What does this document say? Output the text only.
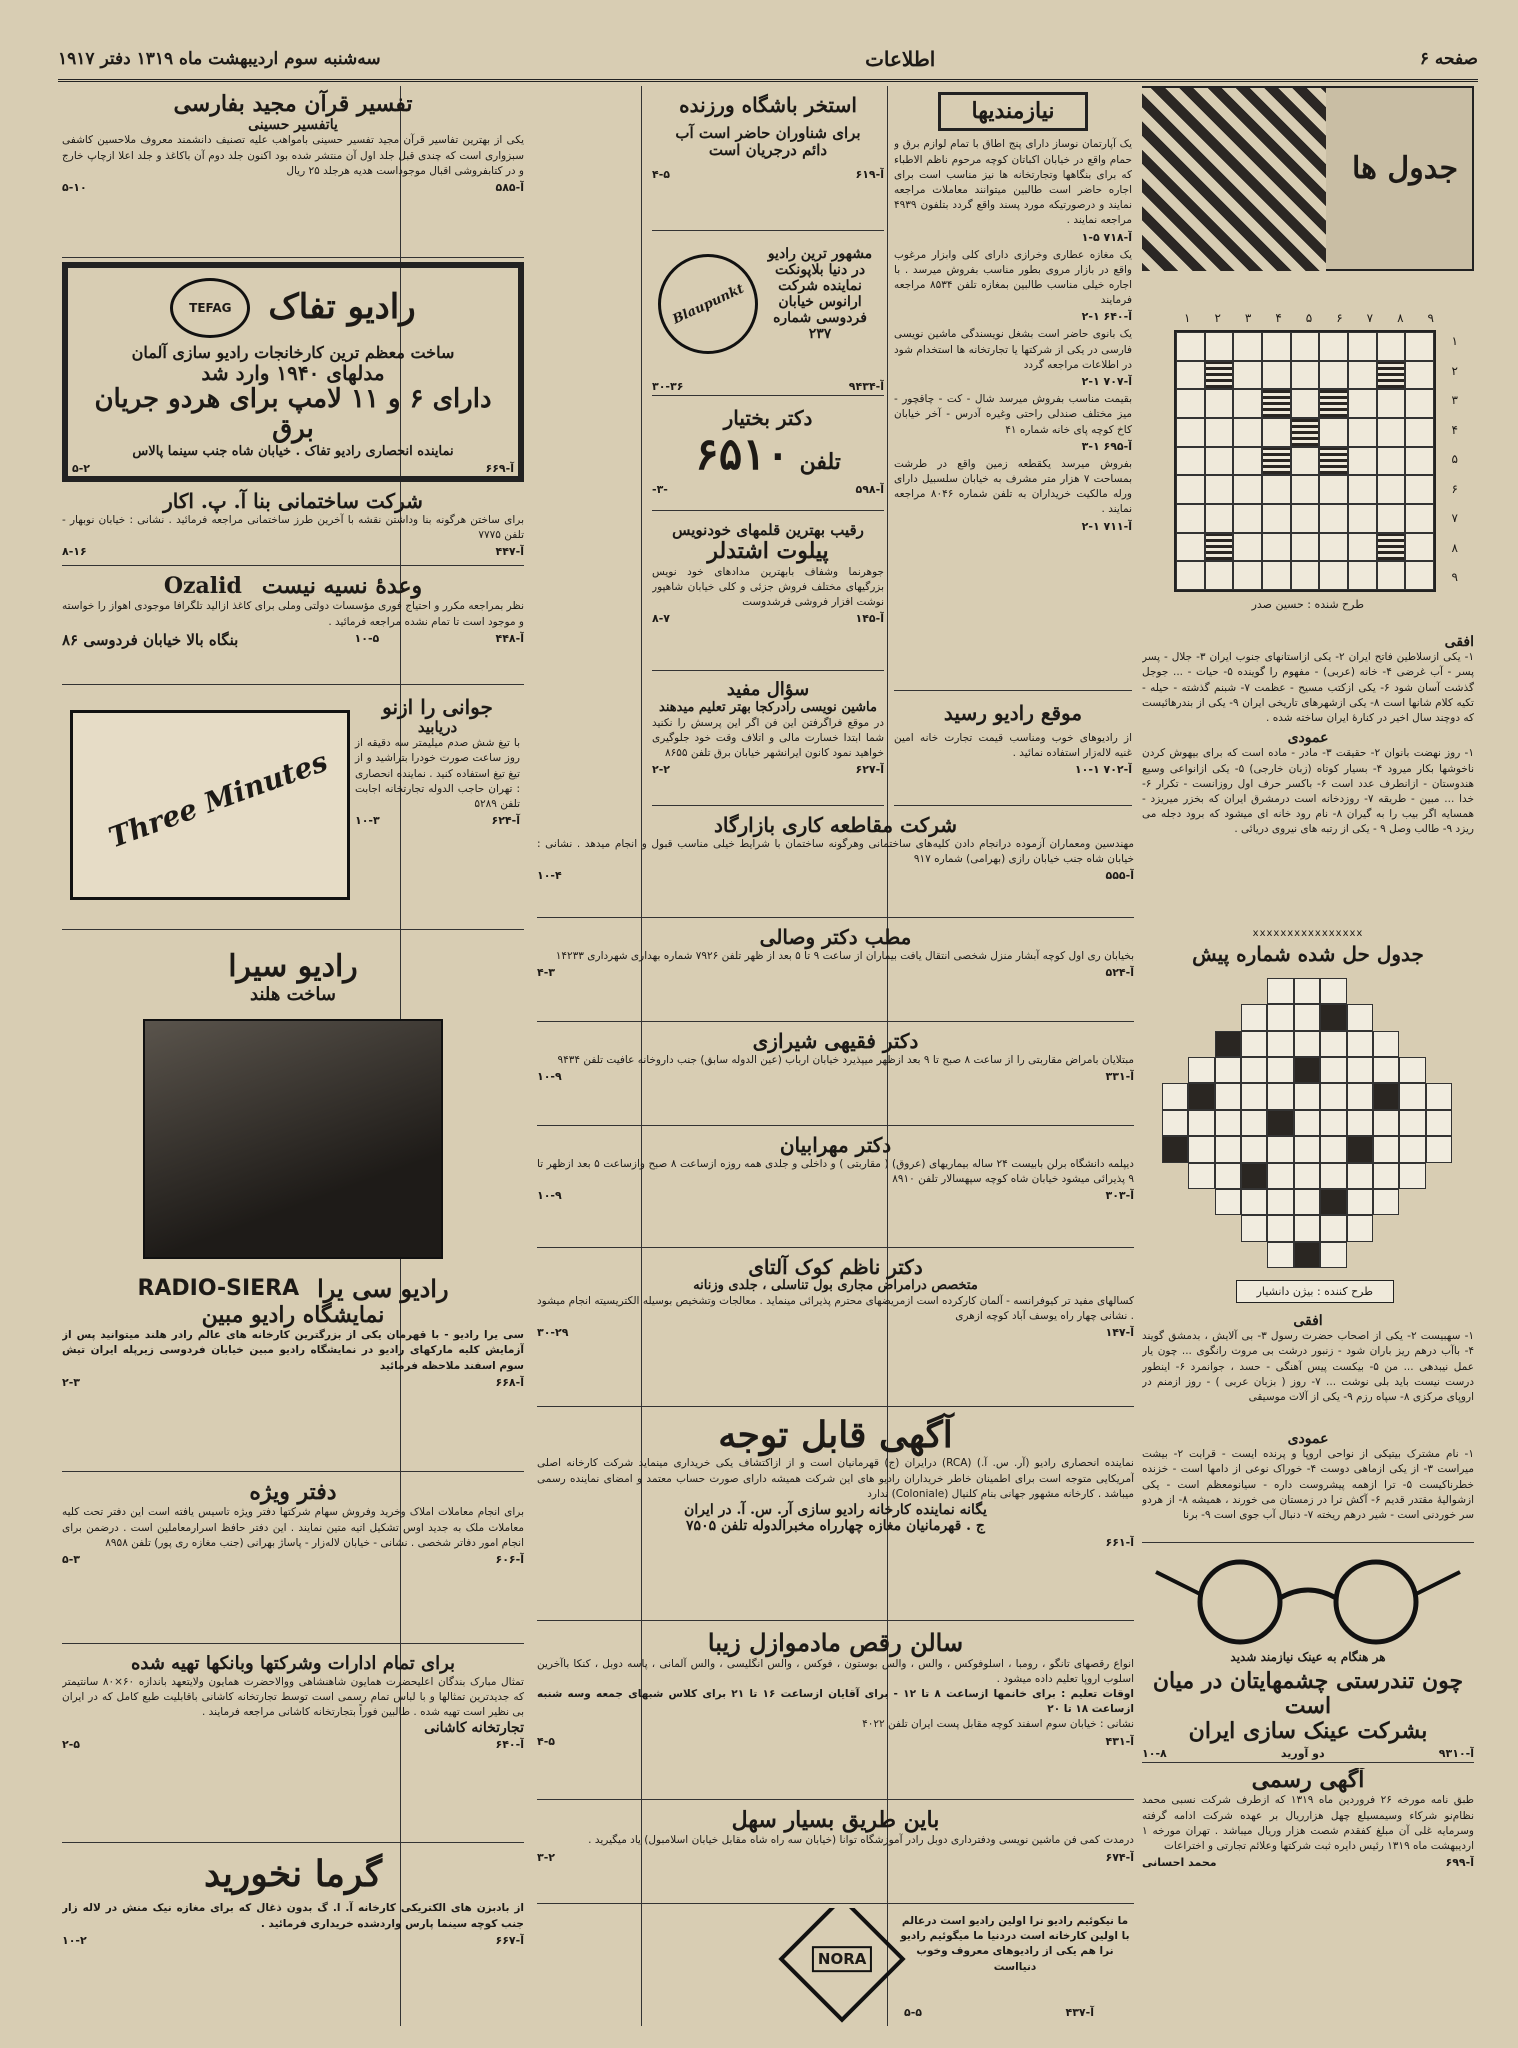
صفحه ۶
اطلاعات
سه‌شنبه سوم اردیبهشت ماه ۱۳۱۹ دفتر ۱۹۱۷
جدول ها
۹
۸
۷
۶
۵
۴
۳
۲
۱
۱
۲
۳
۴
۵
۶
۷
۸
۹
طرح شنده : حسین صدر
افقی
۱- یکی ازسلاطین فاتح ایران ۲- یکی ازاستانهای جنوب ایران ۳- جلال - پسر پسر - آب غرضی ۴- خانه (عربی) - مفهوم را گوینده ۵- حیات - ... جوجل گذشت آسان شود ۶- یکی ازکتب مسیح - عظمت ۷- شبنم گذشته - حیله - تکیه کلام شانها است ۸- یکی ازشهرهای تاریخی ایران ۹- یکی از بندرهائیست که دوچند سال اخیر در کنارهٔ ایران ساخته شده .
عمودی
۱- روز نهضت بانوان ۲- حقیقت ۳- مادر - ماده است که برای بیهوش کردن ناخوشها بکار میرود ۴- بسیار کوتاه (زبان خارجی) ۵- یکی ازانواعی وسیع هندوستان - ازانطرف عدد است ۶- باکسر حرف اول روزانست - تکرار ۶- خدا ... مبین - طریقه ۷- روزدخانه است درمشرق ایران که بخزر میریزد - همسایه اگر بیب را به گیران ۸- نام رود خانه ای میشود که برود دجله می ریزد ۹- طالب وصل ۹ - یکی از رتبه های نیروی دریائی .
xxxxxxxxxxxxxxxx
جدول حل شده شماره پیش
طرح کننده : بیژن دانشیار
افقی
۱- سهبیست ۲- یکی از اصحاب حضرت رسول ۳- بی آلایش ، بدمشق گویند ۴- باآب درهم ریز باران شود - زنبور درشت بی مروت رانگوی ... چون یار عمل نیبدهی ... من ۵- بیکست پیس آهنگی - حسد ، جوانمرد ۶- اینطور درست نیست باید بلی نوشت ... ۷- روز ( بزبان عربی ) - روز ازمنم در اروپای مرکزی ۸- سپاه رزم ۹- یکی از آلات موسیقی
عمودی
۱- نام مشترک بیتیکی از نواحی اروپا و پرنده ایست - قرابت ۲- بیشت میراست ۳- از یکی ازماهی دوست ۴- خوراک نوعی از دامها است - خزنده خطرناکیست ۵- ترا ازهمه پیشروست داره - سیانومعظم است - یکی ازشوالیهٔ مقتدر قدیم ۶- آکش ترا در زمستان می خورند ، همیشه ۸- از هردو سر خوردنی است - شیر درهم ریخته ۷- دنبال آب جوی است ۹- برنا
هر هنگام به عینک نیازمند شدید
چون تندرستی چشمهایتان در میان است
بشرکت عینک سازی ایران
آ-۹۳۱۰
دو آورید
۱۰-۸
آگهی رسمی
طبق نامه مورخه ۲۶ فروردین ماه ۱۳۱۹ که ازطرف شرکت نسبی محمد نظام‌نو شرکاء وسیمسیلع چهل هزارریال بر عهده شرکت ادامه گرفته وسرمایه غلی آن مبلغ کفقدم شصت هزار وریال میباشد . تهران مورخه ۱ اردیبهشت ماه ۱۳۱۹ رئیس دایره ثبت شرکتها وعلائم تجارتی و اختراعات
آ-۶۹۹
محمد احسانی
نیازمندیها
یک آپارتمان نوساز دارای پنج اطاق با تمام لوازم برق و حمام واقع در خیابان اکباتان کوچه مرحوم ناظم الاطباء که برای بنگاهها وتجارتخانه ها نیز مناسب است برای اجاره حاضر است طالبین میتوانند معاملات مراجعه نمایند و درصورتیکه مورد پسند واقع گردد بتلفون ۴۹۳۹ مراجعه نمایند .
آ-۷۱۸ ۵-۱
یک مغازه عطاری وخرازی دارای کلی وابزار مرغوب واقع در بازار مروی بطور مناسب بفروش میرسد . با اجاره خیلی مناسب طالبین بمغازه تلفن ۸۵۳۴ مراجعه فرمایند
آ-۶۴۰ ۱-۲
یک بانوی حاضر است بشغل نویسندگی ماشین نویسی فارسی در یکی از شرکتها یا تجارتخانه ها استخدام شود در اطلاعات مراجعه گردد
آ-۷۰۷ ۱-۲
بقیمت مناسب بفروش میرسد شال - کت - چاقچور - میز مختلف صندلی راحتی وغیره آدرس - آخر خیابان کاخ کوچه پای خانه شماره ۴۱
آ-۶۹۵ ۱-۳
بفروش میرسد یکقطعه زمین واقع در طرشت بمساحت ۷ هزار متر مشرف به خیابان سلسبیل دارای ورله مالکیت خریداران به تلفن شماره ۸۰۴۶ مراجعه نمایند .
آ-۷۱۱ ۱-۲
موقع رادیو رسید
از رادیوهای خوب ومناسب قیمت تجارت خانه امین غنیه لاله‌زار استفاده نمائید .
آ-۷۰۲ ۱-۱۰
استخر باشگاه ورزنده
برای شناوران حاضر است آب دائم درجریان است
آ-۶۱۹
۴-۵
Blaupunkt
مشهور ترین رادیو در دنیا بلاپونکت نماینده شرکت ارانوس خیابان فردوسی شماره ۲۳۷
آ-۹۴۳۴
۳۰-۳۶
دکتر بختیار
تلفن
۶۵۱۰
آ-۵۹۸
-۳-
رقیب بهترین قلمهای خودنویس
پیلوت اشتدلر
جوهرنما وشفاف بابهترین مدادهای خود نویس بزرگیهای مختلف فروش جزئی و کلی خیابان شاهپور نوشت افزار فروشی فرشدوست
آ-۱۴۵
۸-۷
سؤال مفید
ماشین نویسی رادرکجا بهتر تعلیم میدهند
در موقع فراگرفتن این فن اگر این پرسش را نکنید شما ابتدا خسارت مالی و اتلاف وقت خود جلوگیری خواهید نمود کانون ایرانشهر خیابان برق تلفن ۸۶۵۵
آ-۶۲۷
۲-۲
شرکت مقاطعه کاری بازارگاد
مهندسین ومعماران آزموده درانجام دادن کلیه‌های ساختمانی وهرگونه ساختمان با شرایط خیلی مناسب قبول و انجام میدهد . نشانی : خیابان شاه جنب خیابان رازی (بهرامی) شماره ۹۱۷
آ-۵۵۵
۱۰-۴
مطب دکتر وصالی
بخیابان ری اول کوچه آبشار منزل شخصی انتقال یافت بیماران از ساعت ۹ تا ۵ بعد از ظهر تلفن ۷۹۲۶ شماره بهداری شهرداری ۱۴۲۳۳
آ-۵۲۴
۴-۳
دکتر فقیهی شیرازی
مبتلایان بامراض مقاربتی را از ساعت ۸ صبح تا ۹ بعد ازظهر میپذیرد خیابان ارباب (عین الدوله سابق) جنب داروخانه عافیت تلفن ۹۴۳۴
آ-۳۳۱
۱۰-۹
دکتر مهرابیان
دیپلمه دانشگاه برلن بابیست ۲۴ ساله بیماریهای (عروق) ( مقاربتی ) و داخلی و جلدی همه روزه ازساعت ۸ صبح وازساعت ۵ بعد ازظهر تا ۹ پذیرائی میشود خیابان شاه کوچه سپهسالار تلفن ۸۹۱۰
آ-۳۰۳
۱۰-۹
دکتر ناظم کوک آلتای
متخصص درامراض مجاری بول تناسلی ، جلدی وزنانه
کسالهای مفید تر کیوفرانسه - آلمان کارکرده است ازمریضهای محترم پذیرائی مینماید . معالجات وتشخیص بوسیله الکتریسیته انجام میشود . نشانی چهار راه یوسف آباد کوچه ازهری
آ-۱۴۷
۳۰-۲۹
آگهی قابل توجه
نماینده انحصاری رادیو (آر. س. آ.) (RCA) درایران (ج) قهرمانیان است و از ازاکتشاف یکی خریداری مینماید شرکت کارخانه اصلی آمریکایی متوجه است برای اطمینان خاطر خریداران رادیو های این شرکت همیشه دارای صورت حساب معتمد و امضای نماینده رسمی میباشد . کارخانه مشهور جهانی بنام کلنیال (Coloniale) ندارد
یگانه نماینده کارخانه رادیو سازی آر. س. آ. در ایران
ج . قهرمانیان مغازه چهارراه مخبرالدوله تلفن ۷۵۰۵
آ-۶۶۱
سالن رقص مادموازل زیبا
انواع رقصهای تانگو ، رومبا ، اسلوفوکس ، والس ، والس بوستون ، فوکس ، والس انگلیسی ، والس آلمانی ، پاسه دوبل ، کنکا باآخرین اسلوب اروپا تعلیم داده میشود .
اوقات تعلیم : برای خانمها ازساعت ۸ تا ۱۲ - برای آقایان ازساعت ۱۶ تا ۲۱ برای کلاس شبهای جمعه وسه شنبه ازساعت ۱۸ تا ۲۰
نشانی : خیابان سوم اسفند کوچه مقابل پست ایران تلفن ۴۰۲۲
آ-۴۳۱
۴-۵
باین طریق بسیار سهل
درمدت کمی فن ماشین نویسی ودفترداری دوبل رادر آموزشگاه توانا (خیابان سه راه شاه مقابل خیابان اسلامبول) یاد میگیرید .
آ-۶۷۴
۳-۲
NORA
ما نیکوئیم رادیو نرا اولین رادیو است درعالم با اولین کارخانه است دردنیا ما میگوئیم رادیو نرا هم یکی از رادیوهای معروف وخوب دنیااست
آ-۴۳۷
۵-۵
تفسیر قرآن مجید بفارسی
یاتفسیر حسینی
یکی از بهترین تفاسیر قرآن مجید تفسیر حسینی بامواهب علیه تصنیف دانشمند معروف ملاحسین کاشفی سبزواری است که چندی قبل جلد اول آن منتشر شده بود اکنون جلد دوم آن باکاغذ و جلد اعلا ازچاپ خارج و در کتابفروشی اقبال موجوداست هدیه هرجلد ۲۵ ریال
آ-۵۸۵
۵-۱۰
رادیو تفاک
TEFAG
ساخت معظم ترین کارخانجات رادیو سازی آلمان
مدلهای ۱۹۴۰ وارد شد
دارای ۶ و ۱۱ لامپ برای هردو جریان برق
نماینده انحصاری رادیو تفاک . خیابان شاه جنب سینما پالاس
آ-۶۶۹
۵-۲
شرکت ساختمانی بنا آ. پ. اکار
برای ساختن هرگونه بنا وداشتن نقشه با آخرین طرز ساختمانی مراجعه فرمائید . نشانی : خیابان نوبهار - تلفن ۷۷۷۵
آ-۴۴۷
۸-۱۶
وعدهٔ نسیه نیست
Ozalid
نظر بمراجعه مکرر و احتیاج فوری مؤسسات دولتی وملی برای کاغذ ازالید تلگرافا موجودی اهواز را خواسته و موجود است تا تمام نشده مراجعه فرمائید .
آ-۴۴۸
۱۰-۵
بنگاه بالا خیابان فردوسی ۸۶
Three Minutes
جوانی را ازنو
دریابید
با تیغ شش صدم میلیمتر سه دقیقه از روز ساعت صورت خودرا بتراشید و از تیغ تیغ استفاده کنید . نماینده انحصاری : تهران حاجب الدوله تجارتخانه اجابت تلفن ۵۲۸۹
آ-۶۲۴
۱۰-۳
رادیو سیرا
ساخت هلند
رادیو سی یرا
RADIO-SIERA
نمایشگاه رادیو مبین
سی یرا رادیو - با قهرمان یکی از بزرگترین کارخانه های عالم رادر هلند میتوانید پس از آزمایش کلیه مارکهای رادیو در نمایشگاه رادیو مبین خیابان فردوسی زیرپله ایران تیش سوم اسفند ملاحظه فرمائید
آ-۶۶۸
۲-۳
دفتر ویژه
برای انجام معاملات املاک وخرید وفروش سهام شرکتها دفتر ویژه تاسیس یافته است این دفتر تحت کلیه معاملات ملک به جدید اوس تشکیل اتیه متین نمایند . این دفتر حافظ اسرارمعاملین است . درضمن برای انجام امور دفاتر شخصی . نشانی - خیابان لاله‌زار - پاساژ بهرانی (جنب مغازه ری پور) تلفن ۸۹۵۸
آ-۶۰۶
۵-۳
برای تمام ادارات وشرکتها وبانکها تهیه شده
تمثال مبارک بندگان اعلیحضرت همایون شاهنشاهی ووالاحضرت همایون ولایتعهد باندازه ۶۰×۸۰ سانتیمتر که جدیدترین تمثالها و با لباس تمام رسمی است توسط تجارتخانه کاشانی باقابلیت طبع کامل که در ایران بی نظیر است تهیه شده . طالبین فوراً بتجارتخانه کاشانی مراجعه فرمایند .
تجارتخانه کاشانی
آ-۶۴۰
۲-۵
گرما نخورید
از بادبزن های الکتریکی کارخانه آ. ا. گ بدون ذغال که برای مغازه نیک منش در لاله زار جنب کوچه سینما پارس واردشده خریداری فرمائید .
آ-۶۶۷
۱۰-۲
